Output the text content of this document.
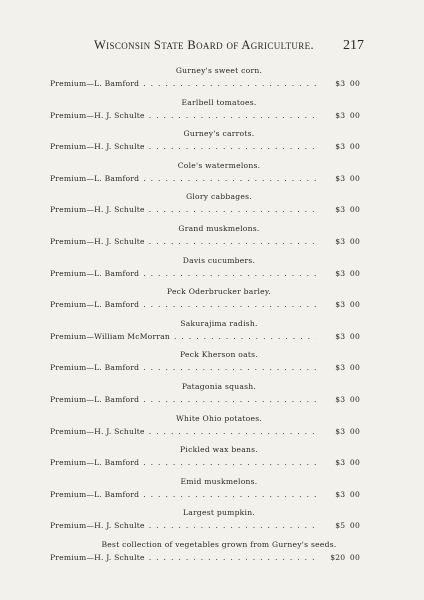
Wisconsin State Board of Agriculture. 217
Gurney's sweet corn.
Premium—L. Bamford . . .	$3 00
Earlbell tomatoes.
Premium—H. J. Schulte . . .	$3 00
Gurney's carrots.
Premium—H. J. Schulte . . .	$3 00
Cole's watermelons.
Premium—L. Bamford . . .	$3 00
Glory cabbages.
Premium—H. J. Schulte . . .	$3 00
Grand muskmelons.
Premium—H. J. Schulte . . .	$3 00
Davis cucumbers.
Premium—L. Bamford . . .	$3 00
Peck Oderbrucker barley.
Premium—L. Bamford . . .	$3 00
Sakurajima radish.
Premium—William McMorran . . .	$3 00
Peck Kherson oats.
Premium—L. Bamford . . .	$3 00
Patagonia squash.
Premium—L. Bamford . . .	$3 00
White Ohio potatoes.
Premium—H. J. Schulte . . .	$3 00
Pickled wax beans.
Premium—L. Bamford . . .	$3 00
Emid muskmelons.
Premium—L. Bamford . . .	$3 00
Largest pumpkin.
Premium—H. J. Schulte . . .	$5 00
Best collection of vegetables grown from Gurney's seeds.
Premium—H. J. Schulte . . .	$20 00
